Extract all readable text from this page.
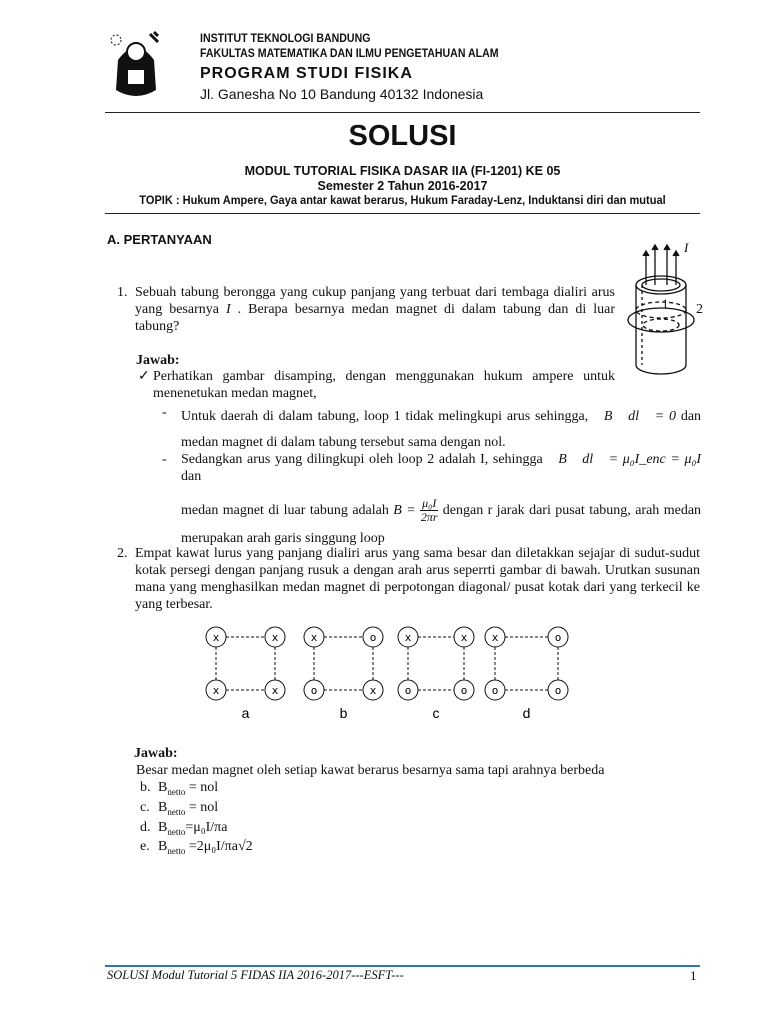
INSTITUT TEKNOLOGI BANDUNG
FAKULTAS MATEMATIKA DAN ILMU PENGETAHUAN ALAM
PROGRAM STUDI FISIKA
Jl. Ganesha No 10 Bandung 40132 Indonesia
SOLUSI
MODUL TUTORIAL FISIKA DASAR IIA (FI-1201) KE 05
Semester 2 Tahun 2016-2017
TOPIK : Hukum Ampere, Gaya antar kawat berarus, Hukum Faraday-Lenz, Induktansi diri dan mutual
A. PERTANYAAN
I
1 2
1. Sebuah tabung berongga yang cukup panjang yang terbuat dari tembaga dialiri arus yang besarnya I . Berapa besarnya medan magnet di dalam tabung dan di luar tabung?
Jawab:
✓ Perhatikan gambar disamping, dengan menggunakan hukum ampere untuk menenetukan medan magnet,
- Untuk daerah di dalam tabung, loop 1 tidak melingkupi arus sehingga, ∮B⃗ dl⃗ = 0 dan medan magnet di dalam tabung tersebut sama dengan nol.
- Sedangkan arus yang dilingkupi oleh loop 2 adalah I, sehingga ∮B⃗ dl⃗ = μ₀I_enc = μ₀I dan
medan magnet di luar tabung adalah $B = \frac{\text{μ₀I}}{2\pi r}$ dengan r jarak dari pusat tabung, arah medan merupakan arah garis singgung loop
2. Empat kawat lurus yang panjang dialiri arus yang sama besar dan diletakkan sejajar di sudut-sudut kotak persegi dengan panjang rusuk a dengan arah arus seperrti gambar di bawah. Urutkan susunan mana yang menghasilkan medan magnet di perpotongan diagonal/ pusat kotak dari yang terkecil ke yang terbesar.
x	x
x	x
a
x	o
o	x
b
x	x
o	o
c
x	o
o	o
d
Jawab:
Besar medan magnet oleh setiap kawat berarus besarnya sama tapi arahnya berbeda
b. $B_{netto}$ = nol
c. $B_{netto}$ = nol
d. $B_{netto}=\mu_0I/\pi a$
e. $B_{netto} =2\mu_0I/\pi a√2$
SOLUSI Modul Tutorial 5 FIDAS IIA 2016-2017---ESFT---	1
